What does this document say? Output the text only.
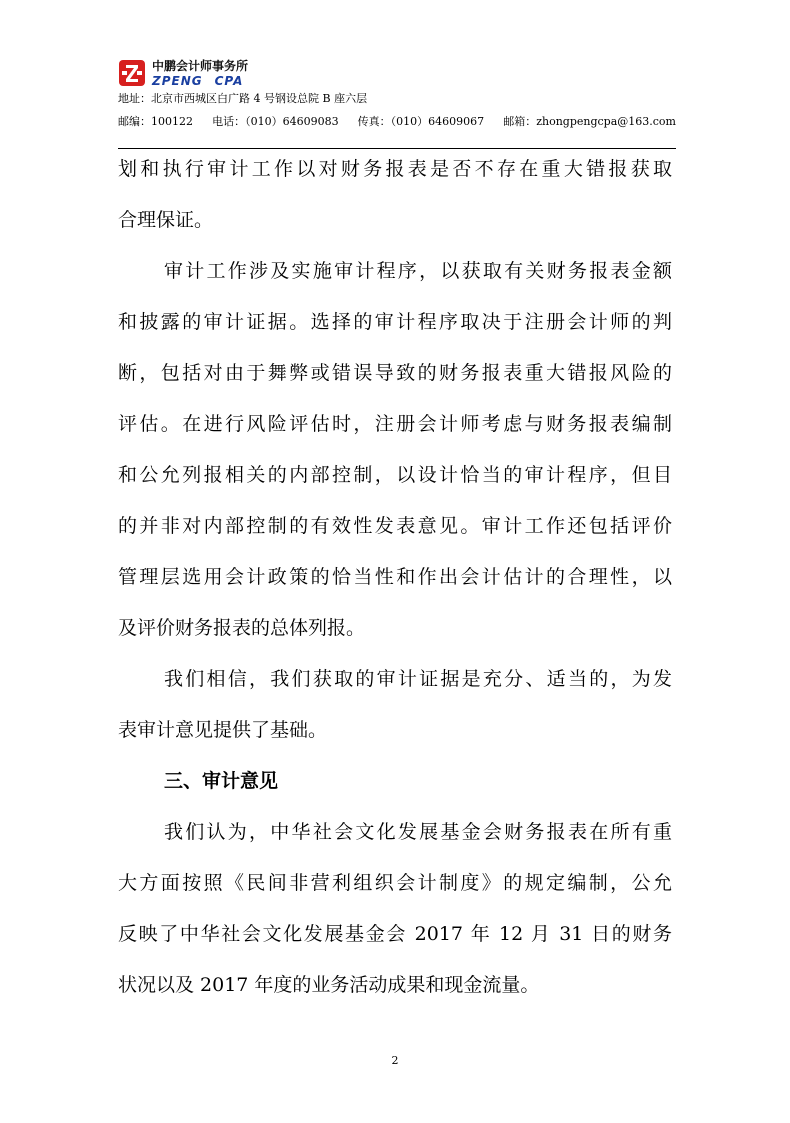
中鹏会计师事务所
ZPENG CPA
地址：北京市西城区白广路 4 号钢设总院 B 座六层
邮编：100122 电话：（010）64609083 传真：（010）64609067 邮箱：zhongpengcpa@163.com
划和执行审计工作以对财务报表是否不存在重大错报获取
合理保证。
审计工作涉及实施审计程序，以获取有关财务报表金额
和披露的审计证据。选择的审计程序取决于注册会计师的判
断，包括对由于舞弊或错误导致的财务报表重大错报风险的
评估。在进行风险评估时，注册会计师考虑与财务报表编制
和公允列报相关的内部控制，以设计恰当的审计程序，但目
的并非对内部控制的有效性发表意见。审计工作还包括评价
管理层选用会计政策的恰当性和作出会计估计的合理性，以
及评价财务报表的总体列报。
我们相信，我们获取的审计证据是充分、适当的，为发
表审计意见提供了基础。
三、审计意见
我们认为，中华社会文化发展基金会财务报表在所有重
大方面按照《民间非营利组织会计制度》的规定编制，公允
反映了中华社会文化发展基金会 2017 年 12 月 31 日的财务
状况以及 2017 年度的业务活动成果和现金流量。
2
